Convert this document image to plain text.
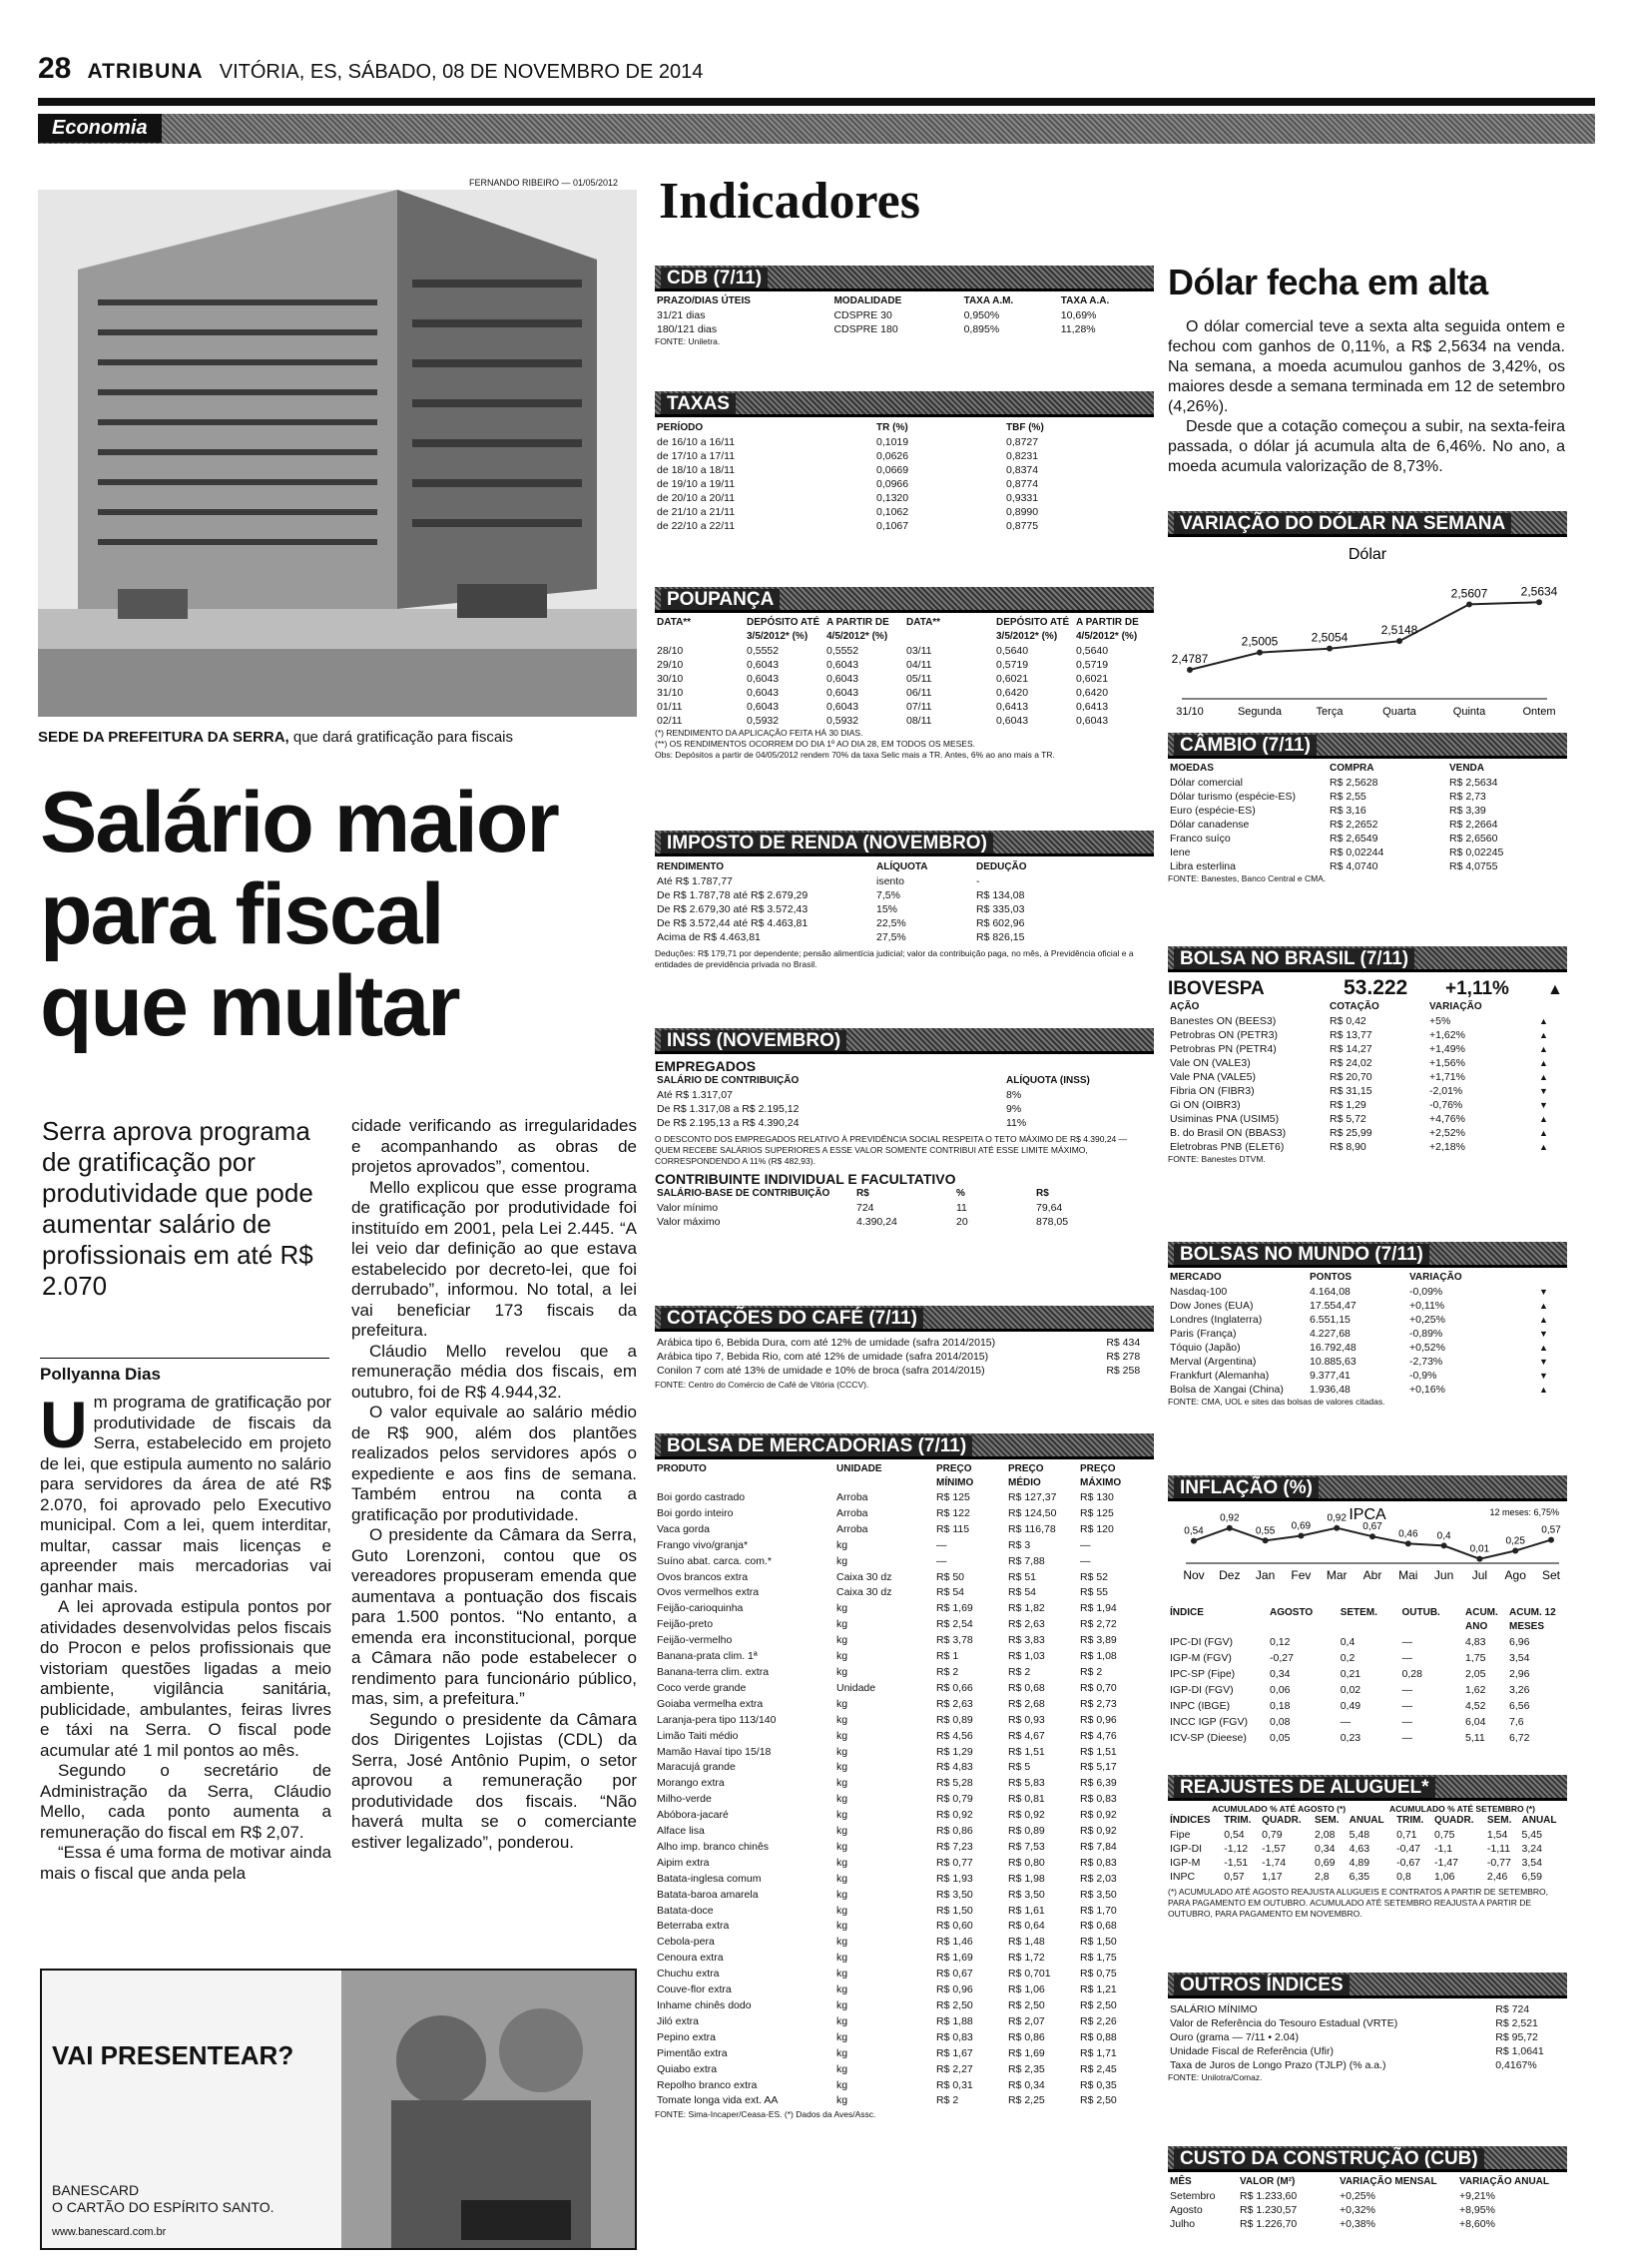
28 ATRIBUNA VITÓRIA, ES, SÁBADO, 08 DE NOVEMBRO DE 2014
Economia
FERNANDO RIBEIRO — 01/05/2012
SEDE DA PREFEITURA DA SERRA, que dará gratificação para fiscais
Salário maior
para fiscal
que multar
Serra aprova programa de gratificação por produtividade que pode aumentar salário de profissionais em até R$ 2.070
Pollyanna Dias

Um programa de gratificação por produtividade de fiscais da Serra, estabelecido em projeto de lei, que estipula aumento no salário para servidores da área de até R$ 2.070, foi aprovado pelo Executivo municipal. Com a lei, quem interditar, multar, cassar mais licenças e apreender mais mercadorias vai ganhar mais.

A lei aprovada estipula pontos por atividades desenvolvidas pelos fiscais do Procon e pelos profissionais que vistoriam questões ligadas a meio ambiente, vigilância sanitária, publicidade, ambulantes, feiras livres e táxi na Serra. O fiscal pode acumular até 1 mil pontos ao mês.

Segundo o secretário de Administração da Serra, Cláudio Mello, cada ponto aumenta a remuneração do fiscal em R$ 2,07.

“Essa é uma forma de motivar ainda mais o fiscal que anda pela

cidade verificando as irregularidades e acompanhando as obras de projetos aprovados”, comentou.

Mello explicou que esse programa de gratificação por produtividade foi instituído em 2001, pela Lei 2.445. “A lei veio dar definição ao que estava estabelecido por decreto-lei, que foi derrubado”, informou. No total, a lei vai beneficiar 173 fiscais da prefeitura.

Cláudio Mello revelou que a remuneração média dos fiscais, em outubro, foi de R$ 4.944,32.

O valor equivale ao salário médio de R$ 900, além dos plantões realizados pelos servidores após o expediente e aos fins de semana. Também entrou na conta a gratificação por produtividade.

O presidente da Câmara da Serra, Guto Lorenzoni, contou que os vereadores propuseram emenda que aumentava a pontuação dos fiscais para 1.500 pontos. “No entanto, a emenda era inconstitucional, porque a Câmara não pode estabelecer o rendimento para funcionário público, mas, sim, a prefeitura.”

Segundo o presidente da Câmara dos Dirigentes Lojistas (CDL) da Serra, José Antônio Pupim, o setor aprovou a remuneração por produtividade dos fiscais. “Não haverá multa se o comerciante estiver legalizado”, ponderou.

VAI PRESENTEAR?
BANESCARD
O CARTÃO DO ESPÍRITO SANTO.
www.banescard.com.br
Indicadores
CDB (7/11)
PRAZO/DIAS ÚTEIS	MODALIDADE	TAXA A.M.	TAXA A.A.
31/21 dias	CDSPRE 30	0,950%	10,69%
180/121 dias	CDSPRE 180	0,895%	11,28%
FONTE: Uniletra.
TAXAS
PERÍODO	TR (%)	TBF (%)
de 16/10 a 16/11	0,1019	0,8727
de 17/10 a 17/11	0,0626	0,8231
de 18/10 a 18/11	0,0669	0,8374
de 19/10 a 19/11	0,0966	0,8774
de 20/10 a 20/11	0,1320	0,9331
de 21/10 a 21/11	0,1062	0,8990
de 22/10 a 22/11	0,1067	0,8775
POUPANÇA
DATA**	DEPÓSITO ATÉ 3/5/2012* (%)	A PARTIR DE 4/5/2012* (%)	DATA**	DEPÓSITO ATÉ 3/5/2012* (%)	A PARTIR DE 4/5/2012* (%)
28/10	0,5552	0,5552	03/11	0,5640	0,5640
29/10	0,6043	0,6043	04/11	0,5719	0,5719
30/10	0,6043	0,6043	05/11	0,6021	0,6021
31/10	0,6043	0,6043	06/11	0,6420	0,6420
01/11	0,6043	0,6043	07/11	0,6413	0,6413
02/11	0,5932	0,5932	08/11	0,6043	0,6043
(*) RENDIMENTO DA APLICAÇÃO FEITA HÁ 30 DIAS.
(**) OS RENDIMENTOS OCORREM DO DIA 1º AO DIA 28, EM TODOS OS MESES.
Obs: Depósitos a partir de 04/05/2012 rendem 70% da taxa Selic mais a TR. Antes, 6% ao ano mais a TR.
IMPOSTO DE RENDA (NOVEMBRO)
RENDIMENTO	ALÍQUOTA	DEDUÇÃO
Até R$ 1.787,77	isento	-
De R$ 1.787,78 até R$ 2.679,29	7,5%	R$ 134,08
De R$ 2.679,30 até R$ 3.572,43	15%	R$ 335,03
De R$ 3.572,44 até R$ 4.463,81	22,5%	R$ 602,96
Acima de R$ 4.463,81	27,5%	R$ 826,15
Deduções: R$ 179,71 por dependente; pensão alimentícia judicial; valor da contribuição paga, no mês, à Previdência oficial e a entidades de previdência privada no Brasil.
INSS (NOVEMBRO)
EMPREGADOS
SALÁRIO DE CONTRIBUIÇÃO	ALÍQUOTA (INSS)
Até R$ 1.317,07	8%
De R$ 1.317,08 a R$ 2.195,12	9%
De R$ 2.195,13 a R$ 4.390,24	11%
O DESCONTO DOS EMPREGADOS RELATIVO À PREVIDÊNCIA SOCIAL RESPEITA O TETO MÁXIMO DE R$ 4.390,24 — QUEM RECEBE SALÁRIOS SUPERIORES A ESSE VALOR SOMENTE CONTRIBUI ATÉ ESSE LIMITE MÁXIMO, CORRESPONDENDO A 11% (R$ 482,93).
CONTRIBUINTE INDIVIDUAL E FACULTATIVO
SALÁRIO-BASE DE CONTRIBUIÇÃO	R$	%	R$
Valor mínimo	724	11	79,64
Valor máximo	4.390,24	20	878,05
COTAÇÕES DO CAFÉ (7/11)
Arábica tipo 6, Bebida Dura, com até 12% de umidade (safra 2014/2015)	R$ 434
Arábica tipo 7, Bebida Rio, com até 12% de umidade (safra 2014/2015)	R$ 278
Conilon 7 com até 13% de umidade e 10% de broca (safra 2014/2015)	R$ 258
FONTE: Centro do Comércio de Café de Vitória (CCCV).
BOLSA DE MERCADORIAS (7/11)
PRODUTO	UNIDADE	PREÇO MÍNIMO	PREÇO MÉDIO	PREÇO MÁXIMO
Boi gordo castrado	Arroba	R$ 125	R$ 127,37	R$ 130
Boi gordo inteiro	Arroba	R$ 122	R$ 124,50	R$ 125
Vaca gorda	Arroba	R$ 115	R$ 116,78	R$ 120
Frango vivo/granja*	kg	—	R$ 3	—
Suíno abat. carca. com.*	kg	—	R$ 7,88	—
Ovos brancos extra	Caixa 30 dz	R$ 50	R$ 51	R$ 52
Ovos vermelhos extra	Caixa 30 dz	R$ 54	R$ 54	R$ 55
Feijão-carioquinha	kg	R$ 1,69	R$ 1,82	R$ 1,94
Feijão-preto	kg	R$ 2,54	R$ 2,63	R$ 2,72
Feijão-vermelho	kg	R$ 3,78	R$ 3,83	R$ 3,89
Banana-prata clim. 1ª	kg	R$ 1	R$ 1,03	R$ 1,08
Banana-terra clim. extra	kg	R$ 2	R$ 2	R$ 2
Coco verde grande	Unidade	R$ 0,66	R$ 0,68	R$ 0,70
Goiaba vermelha extra	kg	R$ 2,63	R$ 2,68	R$ 2,73
Laranja-pera tipo 113/140	kg	R$ 0,89	R$ 0,93	R$ 0,96
Limão Taiti médio	kg	R$ 4,56	R$ 4,67	R$ 4,76
Mamão Havaí tipo 15/18	kg	R$ 1,29	R$ 1,51	R$ 1,51
Maracujá grande	kg	R$ 4,83	R$ 5	R$ 5,17
Morango extra	kg	R$ 5,28	R$ 5,83	R$ 6,39
Milho-verde	kg	R$ 0,79	R$ 0,81	R$ 0,83
Abóbora-jacaré	kg	R$ 0,92	R$ 0,92	R$ 0,92
Alface lisa	kg	R$ 0,86	R$ 0,89	R$ 0,92
Alho imp. branco chinês	kg	R$ 7,23	R$ 7,53	R$ 7,84
Aipim extra	kg	R$ 0,77	R$ 0,80	R$ 0,83
Batata-inglesa comum	kg	R$ 1,93	R$ 1,98	R$ 2,03
Batata-baroa amarela	kg	R$ 3,50	R$ 3,50	R$ 3,50
Batata-doce	kg	R$ 1,50	R$ 1,61	R$ 1,70
Beterraba extra	kg	R$ 0,60	R$ 0,64	R$ 0,68
Cebola-pera	kg	R$ 1,46	R$ 1,48	R$ 1,50
Cenoura extra	kg	R$ 1,69	R$ 1,72	R$ 1,75
Chuchu extra	kg	R$ 0,67	R$ 0,701	R$ 0,75
Couve-flor extra	kg	R$ 0,96	R$ 1,06	R$ 1,21
Inhame chinês dodo	kg	R$ 2,50	R$ 2,50	R$ 2,50
Jiló extra	kg	R$ 1,88	R$ 2,07	R$ 2,26
Pepino extra	kg	R$ 0,83	R$ 0,86	R$ 0,88
Pimentão extra	kg	R$ 1,67	R$ 1,69	R$ 1,71
Quiabo extra	kg	R$ 2,27	R$ 2,35	R$ 2,45
Repolho branco extra	kg	R$ 0,31	R$ 0,34	R$ 0,35
Tomate longa vida ext. AA	kg	R$ 2	R$ 2,25	R$ 2,50
FONTE: Sima-Incaper/Ceasa-ES. (*) Dados da Aves/Assc.
Dólar fecha em alta

O dólar comercial teve a sexta alta seguida ontem e fechou com ganhos de 0,11%, a R$ 2,5634 na venda. Na semana, a moeda acumulou ganhos de 3,42%, os maiores desde a semana terminada em 12 de setembro (4,26%).

Desde que a cotação começou a subir, na sexta-feira passada, o dólar já acumula alta de 6,46%. No ano, a moeda acumula valorização de 8,73%.

VARIAÇÃO DO DÓLAR NA SEMANA
Dólar
2,4787
31/10
2,5005
Segunda
2,5054
Terça
2,5148
Quarta
2,5607
Quinta
2,5634
Ontem
CÂMBIO (7/11)
MOEDAS	COMPRA	VENDA
Dólar comercial	R$ 2,5628	R$ 2,5634
Dólar turismo (espécie-ES)	R$ 2,55	R$ 2,73
Euro (espécie-ES)	R$ 3,16	R$ 3,39
Dólar canadense	R$ 2,2652	R$ 2,2664
Franco suíço	R$ 2,6549	R$ 2,6560
Iene	R$ 0,02244	R$ 0,02245
Libra esterlina	R$ 4,0740	R$ 4,0755
FONTE: Banestes, Banco Central e CMA.
BOLSA NO BRASIL (7/11)
IBOVESPA	53.222	+1,11%	▲
AÇÃO	COTAÇÃO	VARIAÇÃO	
Banestes ON (BEES3)	R$ 0,42	+5%	▲
Petrobras ON (PETR3)	R$ 13,77	+1,62%	▲
Petrobras PN (PETR4)	R$ 14,27	+1,49%	▲
Vale ON (VALE3)	R$ 24,02	+1,56%	▲
Vale PNA (VALE5)	R$ 20,70	+1,71%	▲
Fibria ON (FIBR3)	R$ 31,15	-2,01%	▼
Gi ON (OIBR3)	R$ 1,29	-0,76%	▼
Usiminas PNA (USIM5)	R$ 5,72	+4,76%	▲
B. do Brasil ON (BBAS3)	R$ 25,99	+2,52%	▲
Eletrobras PNB (ELET6)	R$ 8,90	+2,18%	▲
FONTE: Banestes DTVM.
BOLSAS NO MUNDO (7/11)
MERCADO	PONTOS	VARIAÇÃO	
Nasdaq-100	4.164,08	-0,09%	▼
Dow Jones (EUA)	17.554,47	+0,11%	▲
Londres (Inglaterra)	6.551,15	+0,25%	▲
Paris (França)	4.227,68	-0,89%	▼
Tóquio (Japão)	16.792,48	+0,52%	▲
Merval (Argentina)	10.885,63	-2,73%	▼
Frankfurt (Alemanha)	9.377,41	-0,9%	▼
Bolsa de Xangai (China)	1.936,48	+0,16%	▲
FONTE: CMA, UOL e sites das bolsas de valores citadas.
INFLAÇÃO (%)
IPCA	12 meses: 6,75%
0,54
Nov
0,92
Dez
0,55
Jan
0,69
Fev
0,92
Mar
0,67
Abr
0,46
Mai
0,4
Jun
0,01
Jul
0,25
Ago
0,57
Set
ÍNDICE	AGOSTO	SETEM.	OUTUB.	ACUM. ANO	ACUM. 12 MESES
IPC-DI (FGV)	0,12	0,4	—	4,83	6,96
IGP-M (FGV)	-0,27	0,2	—	1,75	3,54
IPC-SP (Fipe)	0,34	0,21	0,28	2,05	2,96
IGP-DI (FGV)	0,06	0,02	—	1,62	3,26
INPC (IBGE)	0,18	0,49	—	4,52	6,56
INCC IGP (FGV)	0,08	—	—	6,04	7,6
ICV-SP (Dieese)	0,05	0,23	—	5,11	6,72
REAJUSTES DE ALUGUEL*
ACUMULADO % ATÉ AGOSTO (*)	ACUMULADO % ATÉ SETEMBRO (*)
ÍNDICES	TRIM.	QUADR.	SEM.	ANUAL	TRIM.	QUADR.	SEM.	ANUAL
Fipe	0,54	0,79	2,08	5,48	0,71	0,75	1,54	5,45
IGP-DI	-1,12	-1,57	0,34	4,63	-0,47	-1,1	-1,11	3,24
IGP-M	-1,51	-1,74	0,69	4,89	-0,67	-1,47	-0,77	3,54
INPC	0,57	1,17	2,8	6,35	0,8	1,06	2,46	6,59
(*) ACUMULADO ATÉ AGOSTO REAJUSTA ALUGUEIS E CONTRATOS A PARTIR DE SETEMBRO, PARA PAGAMENTO EM OUTUBRO. ACUMULADO ATÉ SETEMBRO REAJUSTA A PARTIR DE OUTUBRO, PARA PAGAMENTO EM NOVEMBRO.
OUTROS ÍNDICES
SALÁRIO MÍNIMO	R$ 724
Valor de Referência do Tesouro Estadual (VRTE)	R$ 2,521
Ouro (grama — 7/11 • 2.04)	R$ 95,72
Unidade Fiscal de Referência (Ufir)	R$ 1,0641
Taxa de Juros de Longo Prazo (TJLP) (% a.a.)	0,4167%
FONTE: Unilotra/Comaz.
CUSTO DA CONSTRUÇÃO (CUB)
MÊS	VALOR (M²)	VARIAÇÃO MENSAL	VARIAÇÃO ANUAL
Setembro	R$ 1.233,60	+0,25%	+9,21%
Agosto	R$ 1.230,57	+0,32%	+8,95%
Julho	R$ 1.226,70	+0,38%	+8,60%
